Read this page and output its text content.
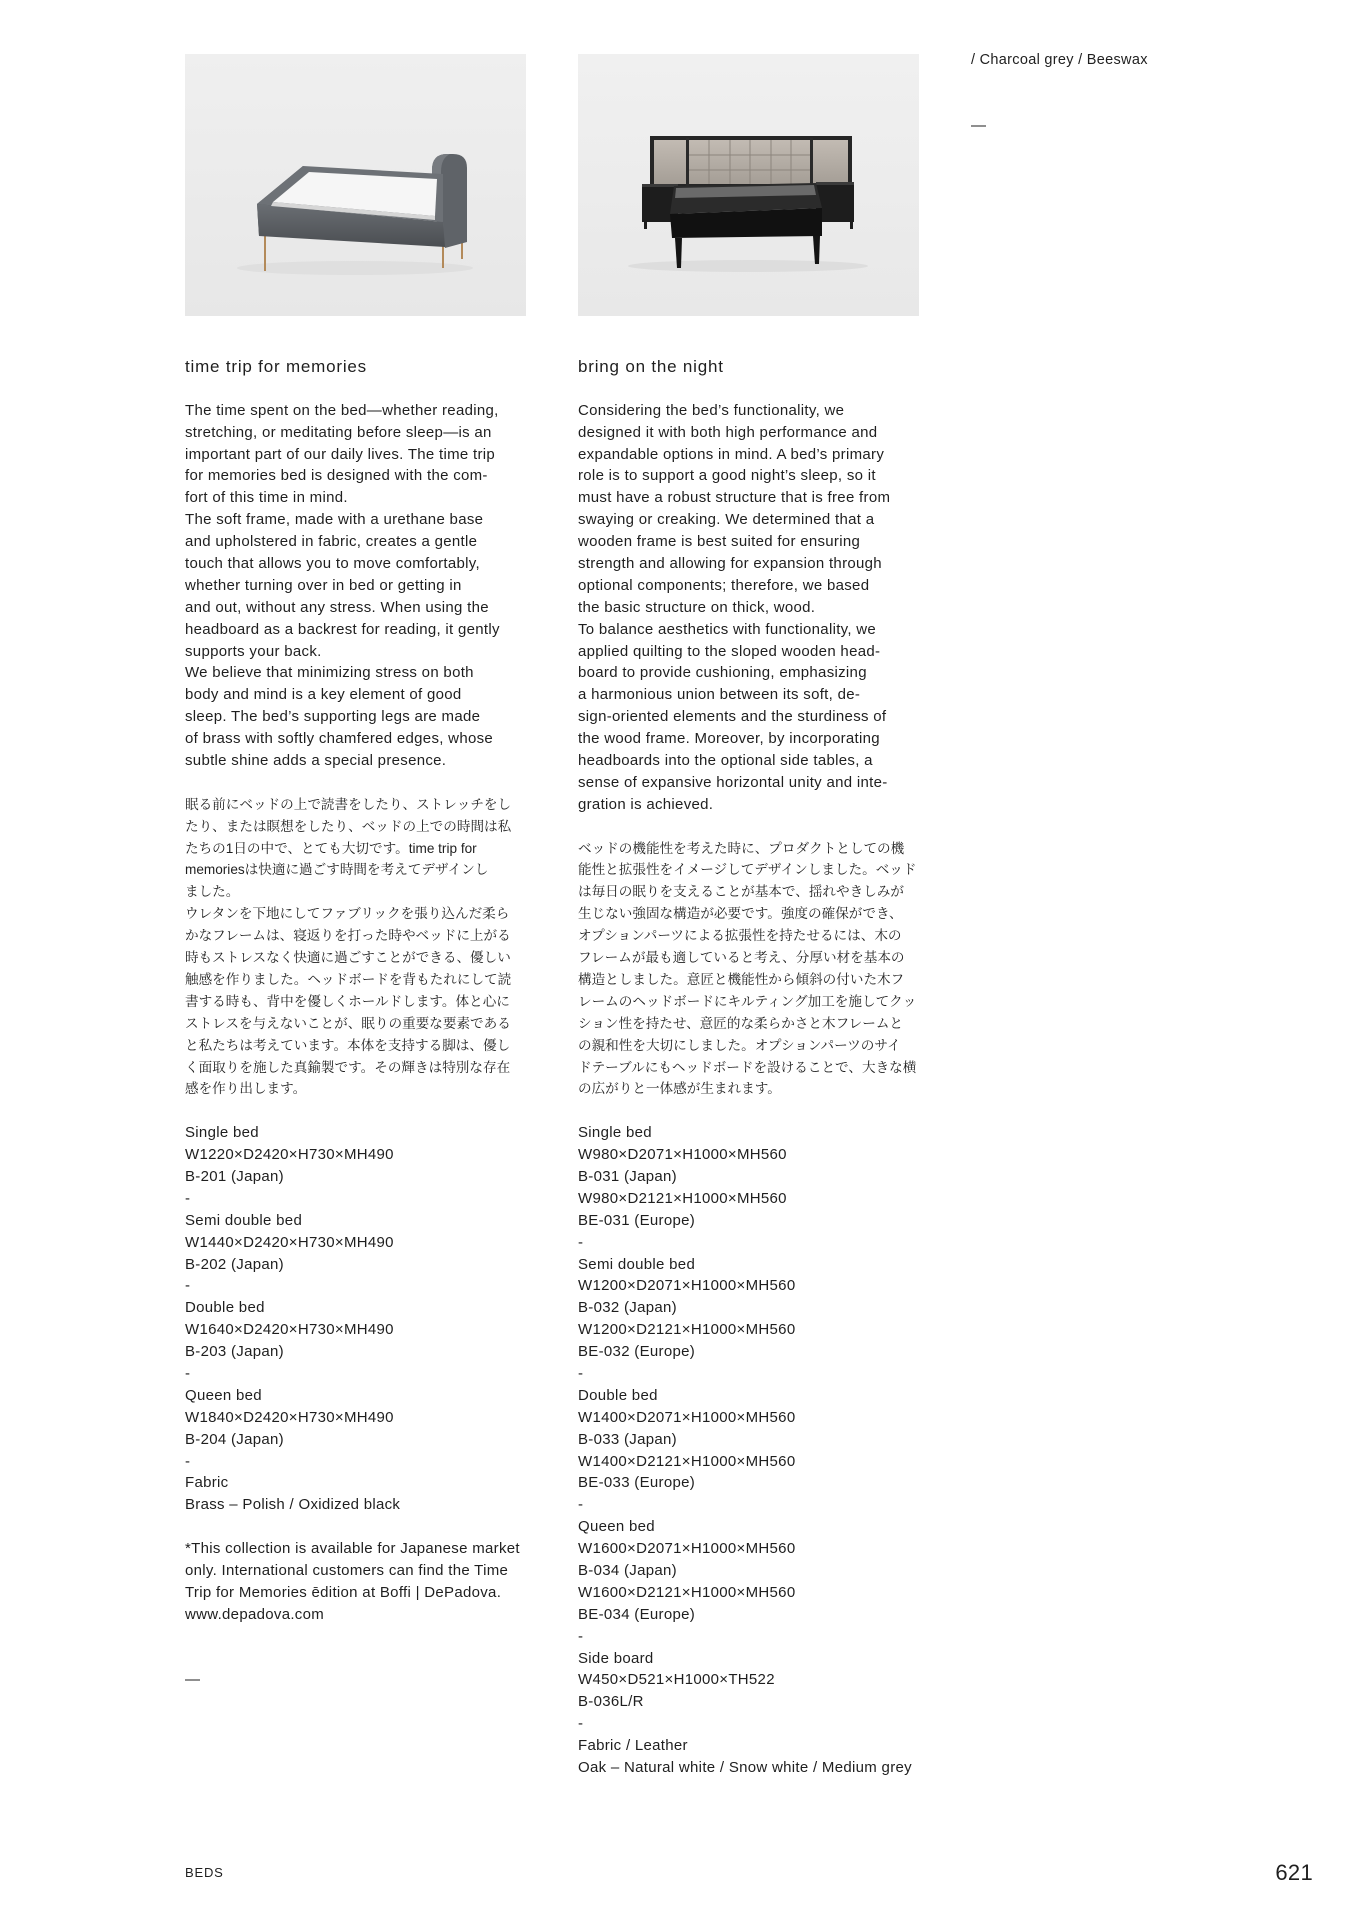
/ Charcoal grey / Beeswax
—
time trip for memories
The time spent on the bed—whether reading,
stretching, or meditating before sleep—is an
important part of our daily lives. The time trip
for memories bed is designed with the com-
fort of this time in mind.
The soft frame, made with a urethane base
and upholstered in fabric, creates a gentle
touch that allows you to move comfortably,
whether turning over in bed or getting in
and out, without any stress. When using the
headboard as a backrest for reading, it gently
supports your back.
We believe that minimizing stress on both
body and mind is a key element of good
sleep. The bed’s supporting legs are made
of brass with softly chamfered edges, whose
subtle shine adds a special presence.
眠る前にベッドの上で読書をしたり、ストレッチをし
たり、または瞑想をしたり、ベッドの上での時間は私
たちの1日の中で、とても大切です。time trip for
memoriesは快適に過ごす時間を考えてデザインし
ました。
ウレタンを下地にしてファブリックを張り込んだ柔ら
かなフレームは、寝返りを打った時やベッドに上がる
時もストレスなく快適に過ごすことができる、優しい
触感を作りました。ヘッドボードを背もたれにして読
書する時も、背中を優しくホールドします。体と心に
ストレスを与えないことが、眠りの重要な要素である
と私たちは考えています。本体を支持する脚は、優し
く面取りを施した真鍮製です。その輝きは特別な存在
感を作り出します。
Single bed
W1220×D2420×H730×MH490
B-201 (Japan)
-
Semi double bed
W1440×D2420×H730×MH490
B-202 (Japan)
-
Double bed
W1640×D2420×H730×MH490
B-203 (Japan)
-
Queen bed
W1840×D2420×H730×MH490
B-204 (Japan)
-
Fabric
Brass – Polish / Oxidized black
*This collection is available for Japanese market
only. International customers can find the Time
Trip for Memories ēdition at Boffi | DePadova.
www.depadova.com
—
bring on the night
Considering the bed’s functionality, we
designed it with both high performance and
expandable options in mind. A bed’s primary
role is to support a good night’s sleep, so it
must have a robust structure that is free from
swaying or creaking. We determined that a
wooden frame is best suited for ensuring
strength and allowing for expansion through
optional components; therefore, we based
the basic structure on thick, wood.
To balance aesthetics with functionality, we
applied quilting to the sloped wooden head-
board to provide cushioning, emphasizing
a harmonious union between its soft, de-
sign-oriented elements and the sturdiness of
the wood frame. Moreover, by incorporating
headboards into the optional side tables, a
sense of expansive horizontal unity and inte-
gration is achieved.
ベッドの機能性を考えた時に、プロダクトとしての機
能性と拡張性をイメージしてデザインしました。ベッド
は毎日の眠りを支えることが基本で、揺れやきしみが
生じない強固な構造が必要です。強度の確保ができ、
オプションパーツによる拡張性を持たせるには、木の
フレームが最も適していると考え、分厚い材を基本の
構造としました。意匠と機能性から傾斜の付いた木フ
レームのヘッドボードにキルティング加工を施してクッ
ション性を持たせ、意匠的な柔らかさと木フレームと
の親和性を大切にしました。オプションパーツのサイ
ドテーブルにもヘッドボードを設けることで、大きな横
の広がりと一体感が生まれます。
Single bed
W980×D2071×H1000×MH560
B-031 (Japan)
W980×D2121×H1000×MH560
BE-031 (Europe)
-
Semi double bed
W1200×D2071×H1000×MH560
B-032 (Japan)
W1200×D2121×H1000×MH560
BE-032 (Europe)
-
Double bed
W1400×D2071×H1000×MH560
B-033 (Japan)
W1400×D2121×H1000×MH560
BE-033 (Europe)
-
Queen bed
W1600×D2071×H1000×MH560
B-034 (Japan)
W1600×D2121×H1000×MH560
BE-034 (Europe)
-
Side board
W450×D521×H1000×TH522
B-036L/R
-
Fabric / Leather
Oak – Natural white / Snow white / Medium grey
BEDS	621
